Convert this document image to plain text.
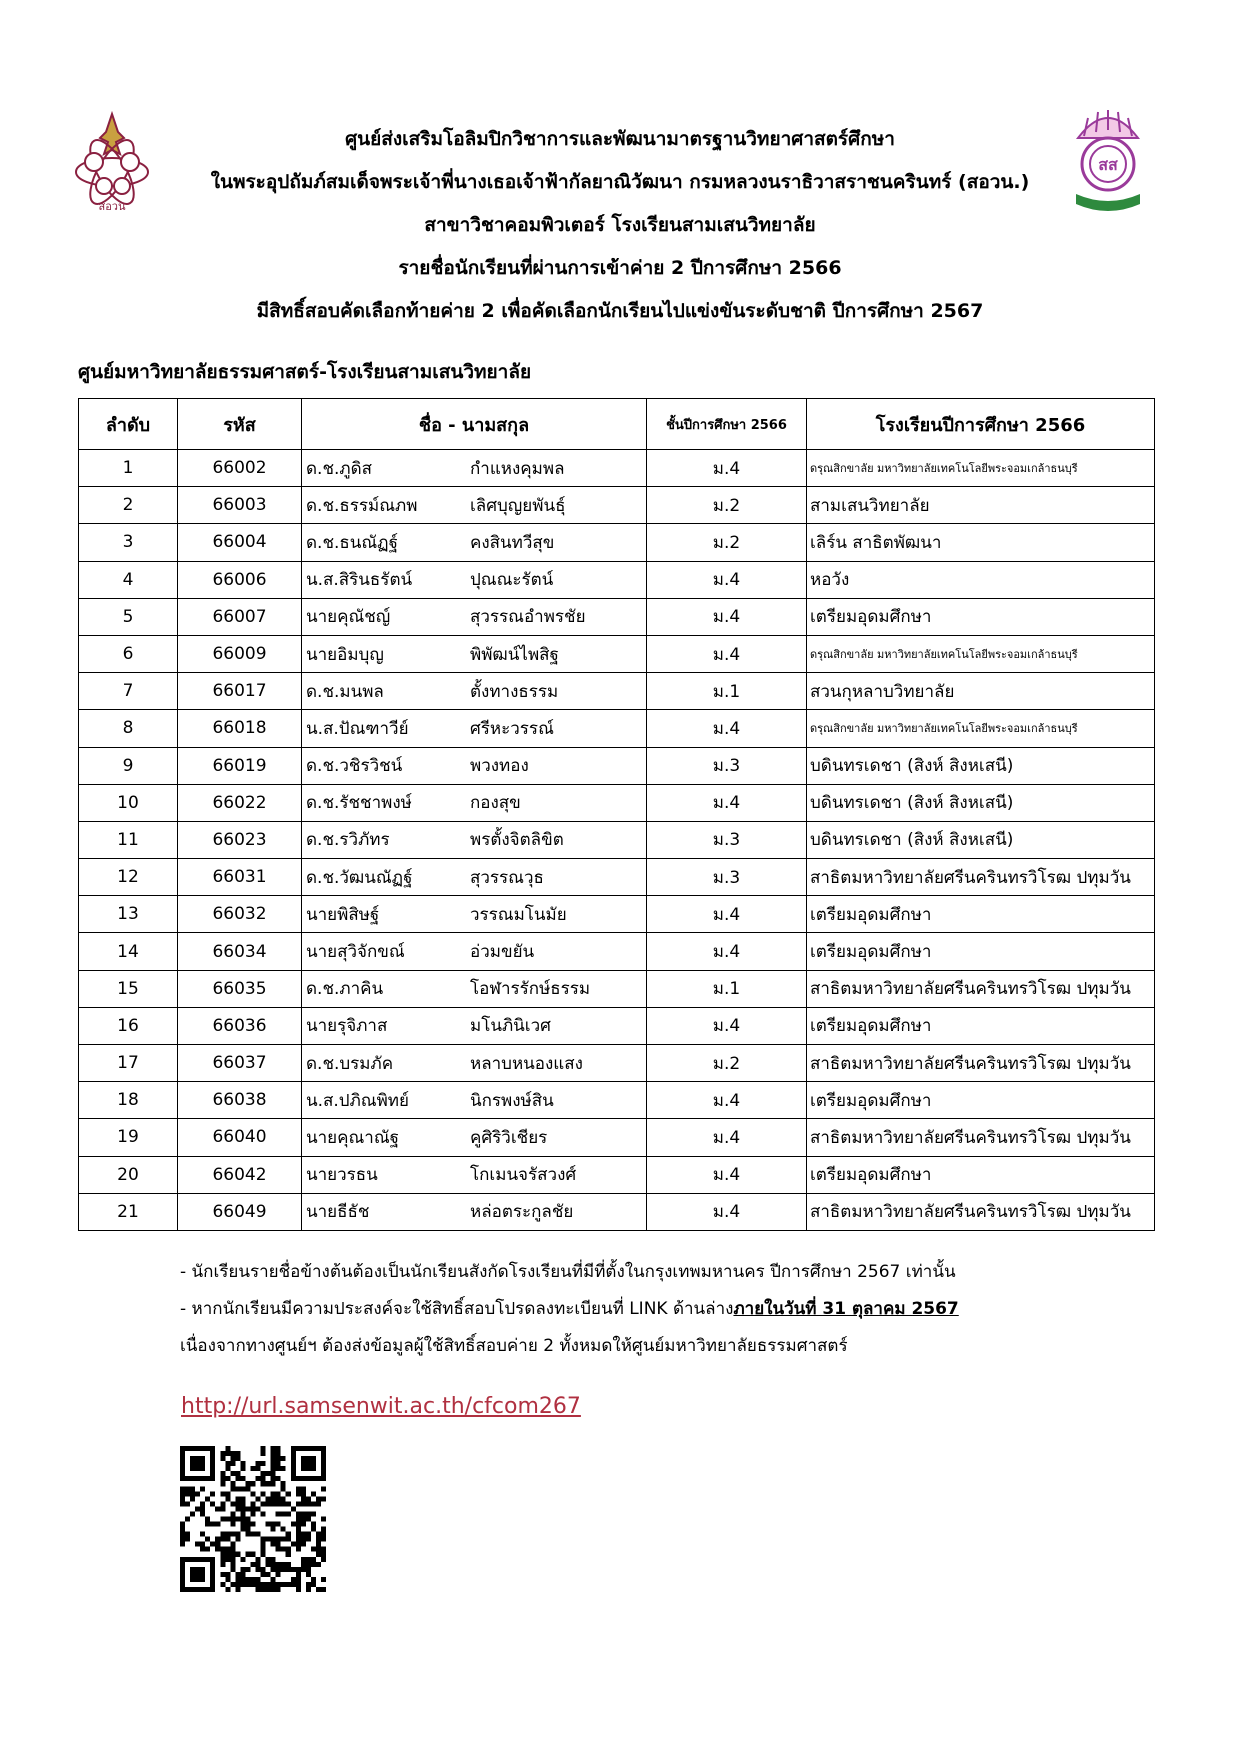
สอวน
สส
ศูนย์ส่งเสริมโอลิมปิกวิชาการและพัฒนามาตรฐานวิทยาศาสตร์ศึกษา
ในพระอุปถัมภ์สมเด็จพระเจ้าพี่นางเธอเจ้าฟ้ากัลยาณิวัฒนา กรมหลวงนราธิวาสราชนครินทร์ (สอวน.)
สาขาวิชาคอมพิวเตอร์ โรงเรียนสามเสนวิทยาลัย
รายชื่อนักเรียนที่ผ่านการเข้าค่าย 2 ปีการศึกษา 2566
มีสิทธิ์สอบคัดเลือกท้ายค่าย 2 เพื่อคัดเลือกนักเรียนไปแข่งขันระดับชาติ ปีการศึกษา 2567
ศูนย์มหาวิทยาลัยธรรมศาสตร์-โรงเรียนสามเสนวิทยาลัย
ลำดับ	รหัส	ชื่อ - นามสกุล	ชั้นปีการศึกษา 2566	โรงเรียนปีการศึกษา 2566
1	66002	ด.ช.ภูดิส กำแหงคุมพล	ม.4	ดรุณสิกขาลัย มหาวิทยาลัยเทคโนโลยีพระจอมเกล้าธนบุรี
2	66003	ด.ช.ธรรม์ณภพ เลิศบุญยพันธุ์	ม.2	สามเสนวิทยาลัย
3	66004	ด.ช.ธนณัฏฐ์ คงสินทวีสุข	ม.2	เลิร์น สาธิตพัฒนา
4	66006	น.ส.สิรินธรัตน์ ปุณณะรัตน์	ม.4	หอวัง
5	66007	นายคุณัชญ์ สุวรรณอำพรชัย	ม.4	เตรียมอุดมศึกษา
6	66009	นายอิมบุญ พิพัฒน์ไพสิฐ	ม.4	ดรุณสิกขาลัย มหาวิทยาลัยเทคโนโลยีพระจอมเกล้าธนบุรี
7	66017	ด.ช.มนพล ตั้งทางธรรม	ม.1	สวนกุหลาบวิทยาลัย
8	66018	น.ส.ปัณฑาวีย์ ศรีหะวรรณ์	ม.4	ดรุณสิกขาลัย มหาวิทยาลัยเทคโนโลยีพระจอมเกล้าธนบุรี
9	66019	ด.ช.วชิรวิชน์ พวงทอง	ม.3	บดินทรเดชา (สิงห์ สิงหเสนี)
10	66022	ด.ช.รัชชาพงษ์ กองสุข	ม.4	บดินทรเดชา (สิงห์ สิงหเสนี)
11	66023	ด.ช.รวิภัทร พรตั้งจิตลิขิต	ม.3	บดินทรเดชา (สิงห์ สิงหเสนี)
12	66031	ด.ช.วัฒนณัฏฐ์ สุวรรณวุธ	ม.3	สาธิตมหาวิทยาลัยศรีนครินทรวิโรฒ ปทุมวัน
13	66032	นายพิสิษฐ์ วรรณมโนมัย	ม.4	เตรียมอุดมศึกษา
14	66034	นายสุวิจักขณ์ อ่วมขยัน	ม.4	เตรียมอุดมศึกษา
15	66035	ด.ช.ภาคิน โอฬารรักษ์ธรรม	ม.1	สาธิตมหาวิทยาลัยศรีนครินทรวิโรฒ ปทุมวัน
16	66036	นายรุจิภาส มโนภินิเวศ	ม.4	เตรียมอุดมศึกษา
17	66037	ด.ช.บรมภัค หลาบหนองแสง	ม.2	สาธิตมหาวิทยาลัยศรีนครินทรวิโรฒ ปทุมวัน
18	66038	น.ส.ปภิณพิทย์ นิกรพงษ์สิน	ม.4	เตรียมอุดมศึกษา
19	66040	นายคุณาณัฐ คูศิริวิเชียร	ม.4	สาธิตมหาวิทยาลัยศรีนครินทรวิโรฒ ปทุมวัน
20	66042	นายวรธน โกเมนจรัสวงศ์	ม.4	เตรียมอุดมศึกษา
21	66049	นายธีธัช หล่อตระกูลชัย	ม.4	สาธิตมหาวิทยาลัยศรีนครินทรวิโรฒ ปทุมวัน
- นักเรียนรายชื่อข้างต้นต้องเป็นนักเรียนสังกัดโรงเรียนที่มีที่ตั้งในกรุงเทพมหานคร ปีการศึกษา 2567 เท่านั้น
- หากนักเรียนมีความประสงค์จะใช้สิทธิ์สอบโปรดลงทะเบียนที่ LINK ด้านล่างภายในวันที่ 31 ตุลาคม 2567
เนื่องจากทางศูนย์ฯ ต้องส่งข้อมูลผู้ใช้สิทธิ์สอบค่าย 2 ทั้งหมดให้ศูนย์มหาวิทยาลัยธรรมศาสตร์
http://url.samsenwit.ac.th/cfcom267
